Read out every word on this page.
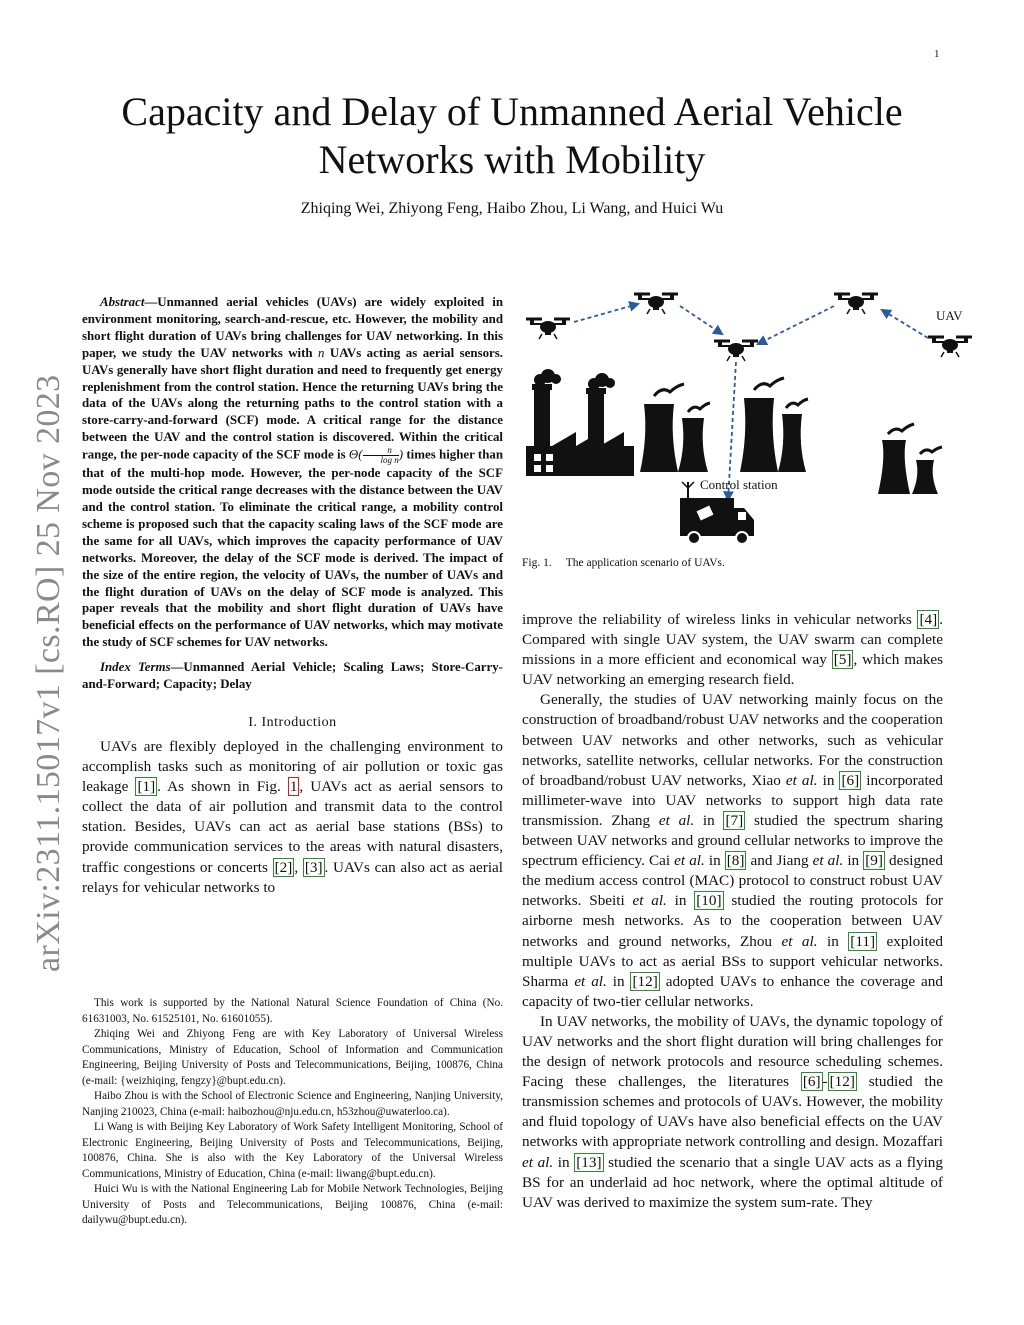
1
arXiv:2311.15017v1 [cs.RO] 25 Nov 2023
Capacity and Delay of Unmanned Aerial Vehicle
Networks with Mobility
Zhiqing Wei, Zhiyong Feng, Haibo Zhou, Li Wang, and Huici Wu

Abstract—Unmanned aerial vehicles (UAVs) are widely exploited in environment monitoring, search-and-rescue, etc. However, the mobility and short flight duration of UAVs bring challenges for UAV networking. In this paper, we study the UAV networks with n UAVs acting as aerial sensors. UAVs generally have short flight duration and need to frequently get energy replenishment from the control station. Hence the returning UAVs bring the data of the UAVs along the returning paths to the control station with a store-carry-and-forward (SCF) mode. A critical range for the distance between the UAV and the control station is discovered. Within the critical range, the per-node capacity of the SCF mode is $\Theta( \frac{n}{\text{log n}}$ ) times higher than that of the multi-hop mode. However, the per-node capacity of the SCF mode outside the critical range decreases with the distance between the UAV and the control station. To eliminate the critical range, a mobility control scheme is proposed such that the capacity scaling laws of the SCF mode are the same for all UAVs, which improves the capacity performance of UAV networks. Moreover, the delay of the SCF mode is derived. The impact of the size of the entire region, the velocity of UAVs, the number of UAVs and the flight duration of UAVs on the delay of SCF mode is analyzed. This paper reveals that the mobility and short flight duration of UAVs have beneficial effects on the performance of UAV networks, which may motivate the study of SCF schemes for UAV networks.

Index Terms—Unmanned Aerial Vehicle; Scaling Laws; Store-Carry-and-Forward; Capacity; Delay

I. Introduction

UAVs are flexibly deployed in the challenging environment to accomplish tasks such as monitoring of air pollution or toxic gas leakage [1] . As shown in Fig. 1 , UAVs act as aerial sensors to collect the data of air pollution and transmit data to the control station. Besides, UAVs can act as aerial base stations (BSs) to provide communication services to the areas with natural disasters, traffic congestions or concerts [2] , [3] . UAVs can also act as aerial relays for vehicular networks to

This work is supported by the National Natural Science Foundation of China (No. 61631003, No. 61525101, No. 61601055).

Zhiqing Wei and Zhiyong Feng are with Key Laboratory of Universal Wireless Communications, Ministry of Education, School of Information and Communication Engineering, Beijing University of Posts and Telecommunications, Beijing, 100876, China (e-mail: {weizhiqing, fengzy}@bupt.edu.cn).

Haibo Zhou is with the School of Electronic Science and Engineering, Nanjing University, Nanjing 210023, China (e-mail: haibozhou@nju.edu.cn, h53zhou@uwaterloo.ca).

Li Wang is with Beijing Key Laboratory of Work Safety Intelligent Monitoring, School of Electronic Engineering, Beijing University of Posts and Telecommunications, Beijing, 100876, China. She is also with the Key Laboratory of the Universal Wireless Communications, Ministry of Education, China (e-mail: liwang@bupt.edu.cn).

Huici Wu is with the National Engineering Lab for Mobile Network Technologies, Beijing University of Posts and Telecommunications, Beijing 100876, China (e-mail: dailywu@bupt.edu.cn).

UAV
Control station
Fig. 1. The application scenario of UAVs.

improve the reliability of wireless links in vehicular networks [4] . Compared with single UAV system, the UAV swarm can complete missions in a more efficient and economical way [5] , which makes UAV networking an emerging research field.

Generally, the studies of UAV networking mainly focus on the construction of broadband/robust UAV networks and the cooperation between UAV networks and other networks, such as vehicular networks, satellite networks, cellular networks. For the construction of broadband/robust UAV networks, Xiao et al. in [6] incorporated millimeter-wave into UAV networks to support high data rate transmission. Zhang et al. in [7] studied the spectrum sharing between UAV networks and ground cellular networks to improve the spectrum efficiency. Cai et al. in [8] and Jiang et al. in [9] designed the medium access control (MAC) protocol to construct robust UAV networks. Sbeiti et al. in [10] studied the routing protocols for airborne mesh networks. As to the cooperation between UAV networks and ground networks, Zhou et al. in [11] exploited multiple UAVs to act as aerial BSs to support vehicular networks. Sharma et al. in [12] adopted UAVs to enhance the coverage and capacity of two-tier cellular networks.

In UAV networks, the mobility of UAVs, the dynamic topology of UAV networks and the short flight duration will bring challenges for the design of network protocols and resource scheduling schemes. Facing these challenges, the literatures [6] - [12] studied the transmission schemes and protocols of UAVs. However, the mobility and fluid topology of UAVs have also beneficial effects on the UAV networks with appropriate network controlling and design. Mozaffari et al. in [13] studied the scenario that a single UAV acts as a flying BS for an underlaid ad hoc network, where the optimal altitude of UAV was derived to maximize the system sum-rate. They
